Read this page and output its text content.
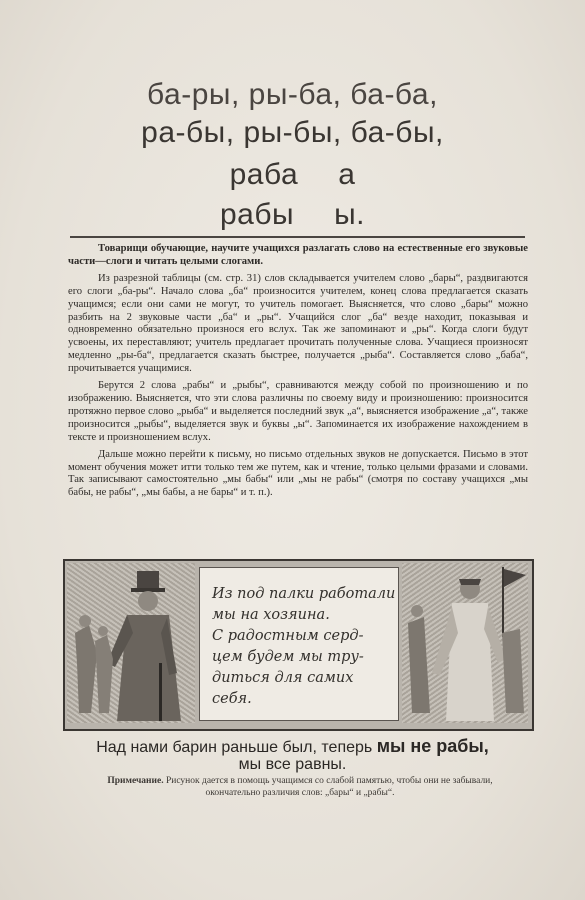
ба-ры, ры-ба, ба-ба,
ра-бы, ры-бы, ба-бы,
раба а
рабы ы.

Товарищи обучающие, научите учащихся разлагать слово на естественные его звуковые части—слоги и читать целыми слогами.

Из разрезной таблицы (см. стр. 31) слов складывается учителем слово „бары“, раздвигаются его слоги „ба-ры“. Начало слова „ба“ произносится учителем, конец слова предлагается сказать учащимся; если они сами не могут, то учитель помогает. Выясняется, что слово „бары“ можно разбить на 2 звуковые части „ба“ и „ры“. Учащийся слог „ба“ везде находит, показывая и одновременно обязательно произнося его вслух. Так же запоминают и „ры“. Когда слоги будут усвоены, их переставляют; учитель предлагает прочитать полученные слова. Учащиеся произносят медленно „ры-ба“, предлагается сказать быстрее, получается „рыба“. Составляется слово „баба“, прочитывается учащимися.

Берутся 2 слова „рабы“ и „рыбы“, сравниваются между собой по произношению и по изображению. Выясняется, что эти слова различны по своему виду и произношению: произносится протяжно первое слово „рыба“ и выделяется последний звук „а“, выясняется изображение „а“, также произносится „рыбы“, выделяется звук и буквы „ы“. Запоминается их изображение нахождением в тексте и произношением вслух.

Дальше можно перейти к письму, но письмо отдельных звуков не допускается. Письмо в этот момент обучения может итти только тем же путем, как и чтение, только целыми фразами и словами. Так записывают самостоятельно „мы бабы“ или „мы не рабы“ (смотря по составу учащихся „мы бабы, не рабы“, „мы бабы, а не бары“ и т. п.).

Из под палки работали
мы на хозяина.
С радостным серд-
цем будем мы тру-
диться для самих
себя.
Над нами барин раньше был, теперь мы не рабы,
мы все равны.
Примечание. Рисунок дается в помощь учащимся со слабой памятью, чтобы они не забывали, окончательно различия слов: „бары“ и „рабы“.
